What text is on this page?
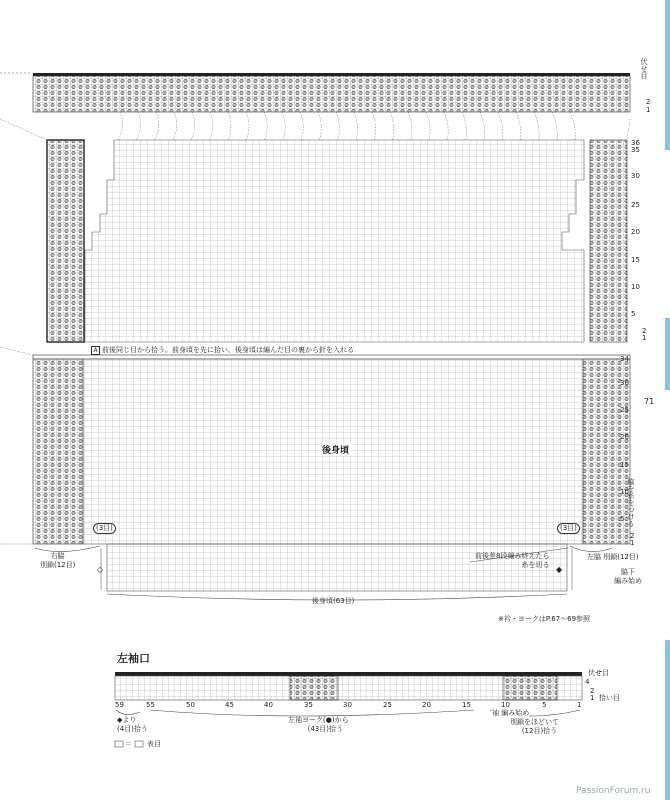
伏せ目
2
1
36
35
30
25
20
15
10
5
2
1
A 前後同じ目から拾う。前身頃を先に拾い、後身頃は編んだ目の裏から針を入れる
後身頃
34
30
25
20
15
10
5
2
1
脇を糸をつける
71
(3目)
右脇
別鎖(12目)
◇
(3目)
左脇 別鎖(12目)
前後差8段編み終えたら
糸を切る
◆	脇下
編み始め
後身頃(63目)
※衿・ヨークはP.67〜69参照
左袖口
伏せ目
4
2
1 拾い目
59	55	50	45	40	35	30	25	20	15	10	5	1
袖 編み始め
◆より
(4目)拾う
左袖ヨーク(●)から
(43目)拾う
別鎖をほどいて
(12目)拾う
＝ 表目
PassionForum.ru
